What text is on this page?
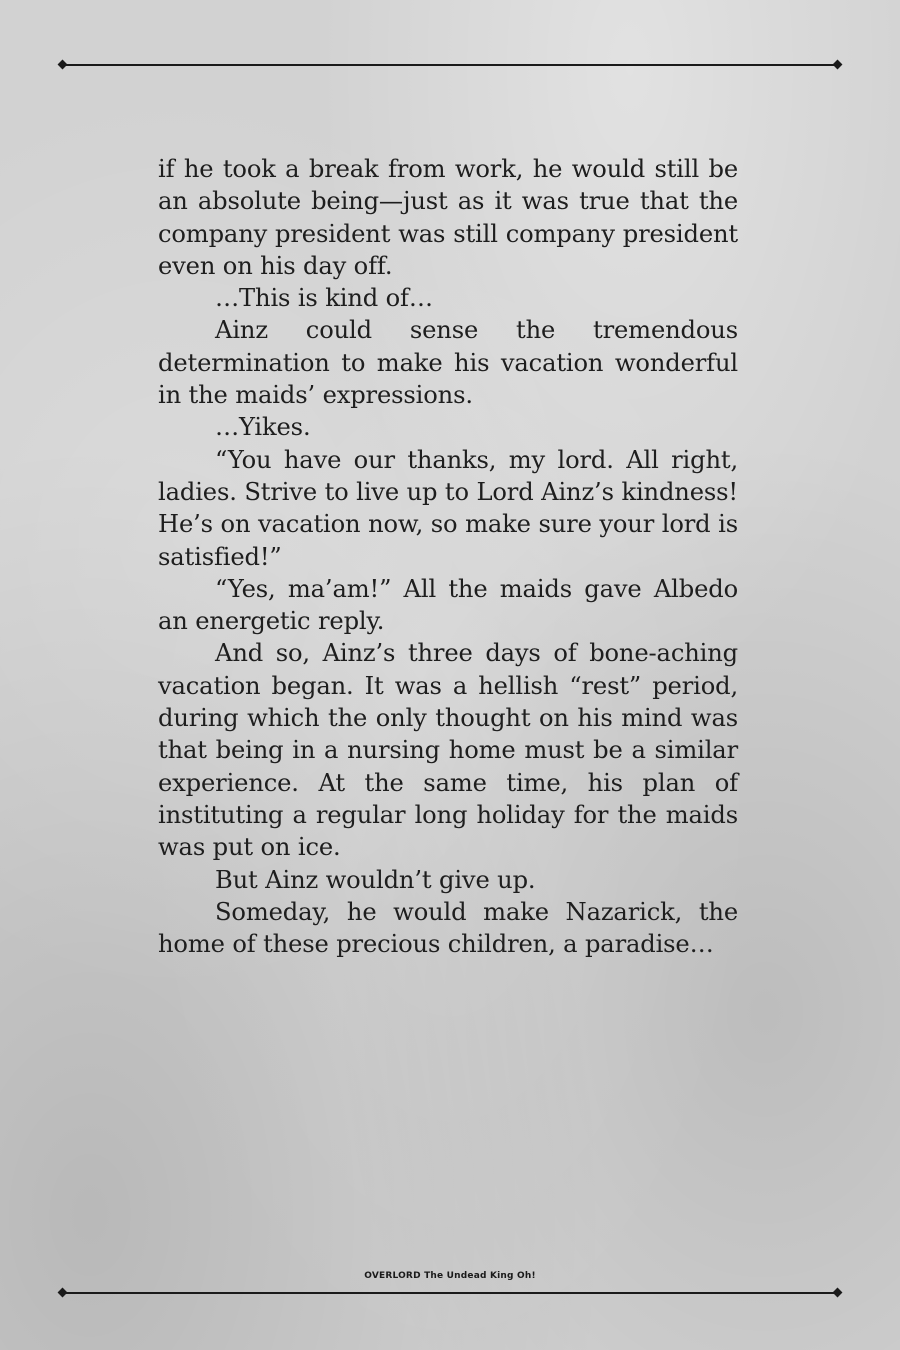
if he took a break from work, he would still be an absolute being—just as it was true that the company president was still company president even on his day off.

…This is kind of…

Ainz could sense the tremendous determination to make his vacation wonderful in the maids’ expressions.

…Yikes.

“You have our thanks, my lord. All right, ladies. Strive to live up to Lord Ainz’s kindness! He’s on vacation now, so make sure your lord is satisfied!”

“Yes, ma’am!” All the maids gave Albedo an energetic reply.

And so, Ainz’s three days of bone-aching vacation began. It was a hellish “rest” period, during which the only thought on his mind was that being in a nursing home must be a similar experience. At the same time, his plan of instituting a regular long holiday for the maids was put on ice.

But Ainz wouldn’t give up.

Someday, he would make Nazarick, the home of these precious children, a paradise…

OVERLORD The Undead King Oh!
